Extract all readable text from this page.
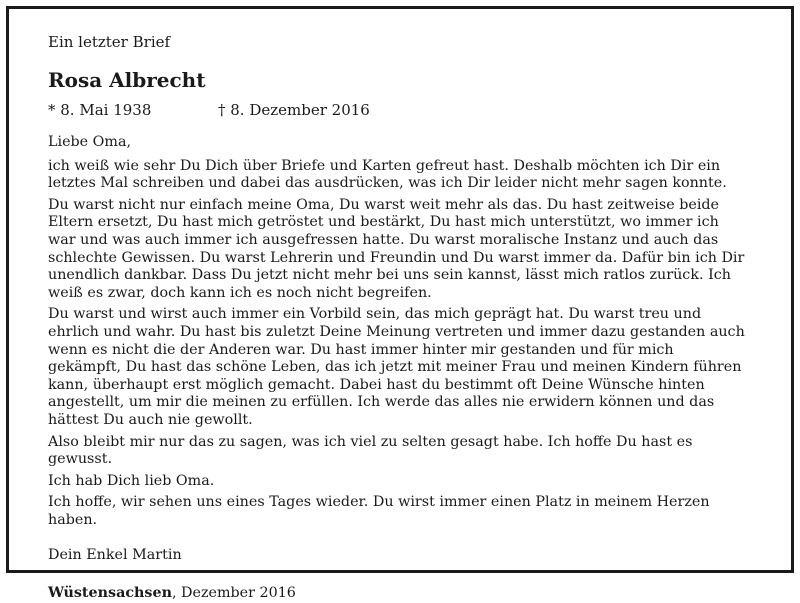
Ein letzter Brief

Rosa Albrecht
* 8. Mai 1938	† 8. Dezember 2016

Liebe Oma,

ich weiß wie sehr Du Dich über Briefe und Karten gefreut hast. Deshalb möchten ich Dir ein letztes Mal schreiben und dabei das ausdrücken, was ich Dir leider nicht mehr sagen konnte.

Du warst nicht nur einfach meine Oma, Du warst weit mehr als das. Du hast zeitweise beide Eltern ersetzt, Du hast mich getröstet und bestärkt, Du hast mich unterstützt, wo immer ich war und was auch immer ich ausgefressen hatte. Du warst moralische Instanz und auch das schlechte Gewissen. Du warst Lehrerin und Freundin und Du warst immer da. Dafür bin ich Dir unendlich dankbar. Dass Du jetzt nicht mehr bei uns sein kannst, lässt mich ratlos zurück. Ich weiß es zwar, doch kann ich es noch nicht begreifen.

Du warst und wirst auch immer ein Vorbild sein, das mich geprägt hat. Du warst treu und ehrlich und wahr. Du hast bis zuletzt Deine Meinung vertreten und immer dazu gestanden auch wenn es nicht die der Anderen war. Du hast immer hinter mir gestanden und für mich gekämpft, Du hast das schöne Leben, das ich jetzt mit meiner Frau und meinen Kindern führen kann, überhaupt erst möglich gemacht. Dabei hast du bestimmt oft Deine Wünsche hinten angestellt, um mir die meinen zu erfüllen. Ich werde das alles nie erwidern können und das hättest Du auch nie gewollt.

Also bleibt mir nur das zu sagen, was ich viel zu selten gesagt habe. Ich hoffe Du hast es gewusst.

Ich hab Dich lieb Oma.

Ich hoffe, wir sehen uns eines Tages wieder. Du wirst immer einen Platz in meinem Herzen haben.

Dein Enkel Martin

Wüstensachsen, Dezember 2016
